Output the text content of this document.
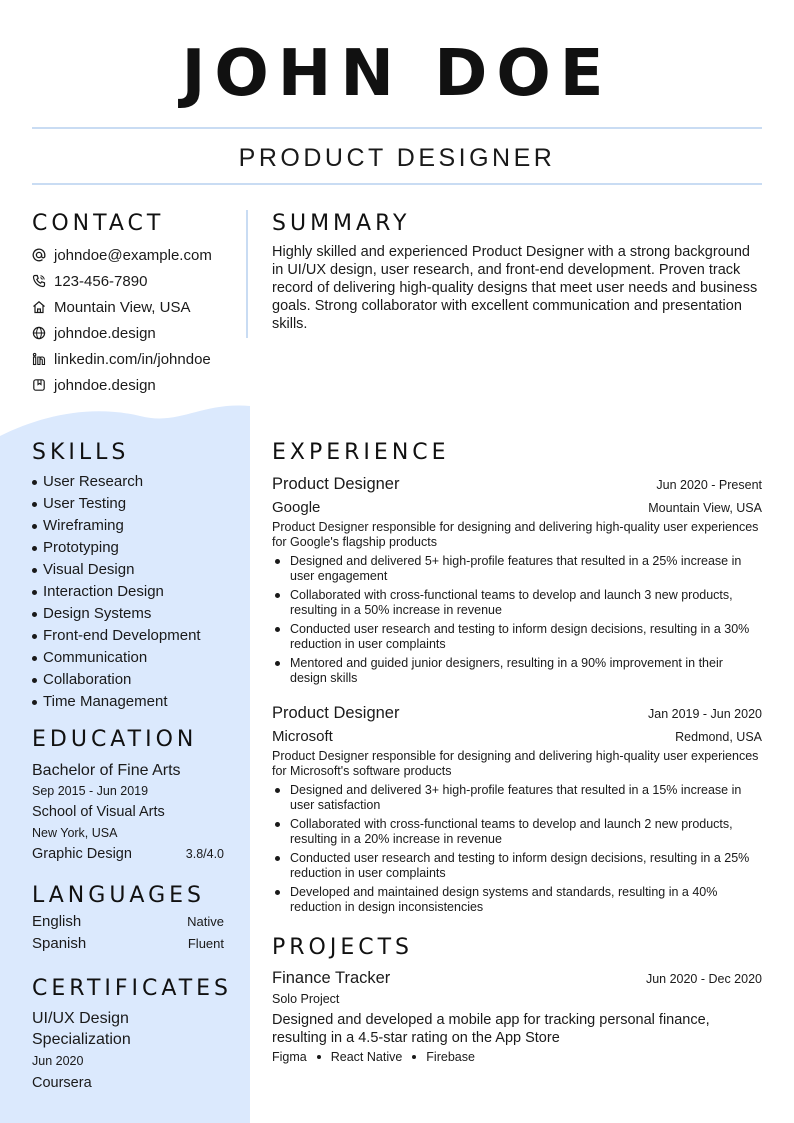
JOHN DOE
PRODUCT DESIGNER
CONTACT
johndoe@example.com
123-456-7890
Mountain View, USA
johndoe.design
linkedin.com/in/johndoe
johndoe.design
SKILLS
User Research
User Testing
Wireframing
Prototyping
Visual Design
Interaction Design
Design Systems
Front-end Development
Communication
Collaboration
Time Management
EDUCATION
Bachelor of Fine Arts
Sep 2015 - Jun 2019
School of Visual Arts
New York, USA
Graphic Design	3.8/4.0
LANGUAGES
English	Native
Spanish	Fluent
CERTIFICATES
UI/UX Design
Specialization
Jun 2020
Coursera
SUMMARY
Highly skilled and experienced Product Designer with a strong background in UI/UX design, user research, and front-end development. Proven track record of delivering high-quality designs that meet user needs and business goals. Strong collaborator with excellent communication and presentation skills.
EXPERIENCE
Product Designer	Jun 2020 - Present
Google	Mountain View, USA
Product Designer responsible for designing and delivering high-quality user experiences for Google's flagship products
Designed and delivered 5+ high-profile features that resulted in a 25% increase in user engagement
Collaborated with cross-functional teams to develop and launch 3 new products, resulting in a 50% increase in revenue
Conducted user research and testing to inform design decisions, resulting in a 30% reduction in user complaints
Mentored and guided junior designers, resulting in a 90% improvement in their design skills
Product Designer	Jan 2019 - Jun 2020
Microsoft	Redmond, USA
Product Designer responsible for designing and delivering high-quality user experiences for Microsoft's software products
Designed and delivered 3+ high-profile features that resulted in a 15% increase in user satisfaction
Collaborated with cross-functional teams to develop and launch 2 new products, resulting in a 20% increase in revenue
Conducted user research and testing to inform design decisions, resulting in a 25% reduction in user complaints
Developed and maintained design systems and standards, resulting in a 40% reduction in design inconsistencies
PROJECTS
Finance Tracker	Jun 2020 - Dec 2020
Solo Project
Designed and developed a mobile app for tracking personal finance, resulting in a 4.5-star rating on the App Store
Figma React Native Firebase
